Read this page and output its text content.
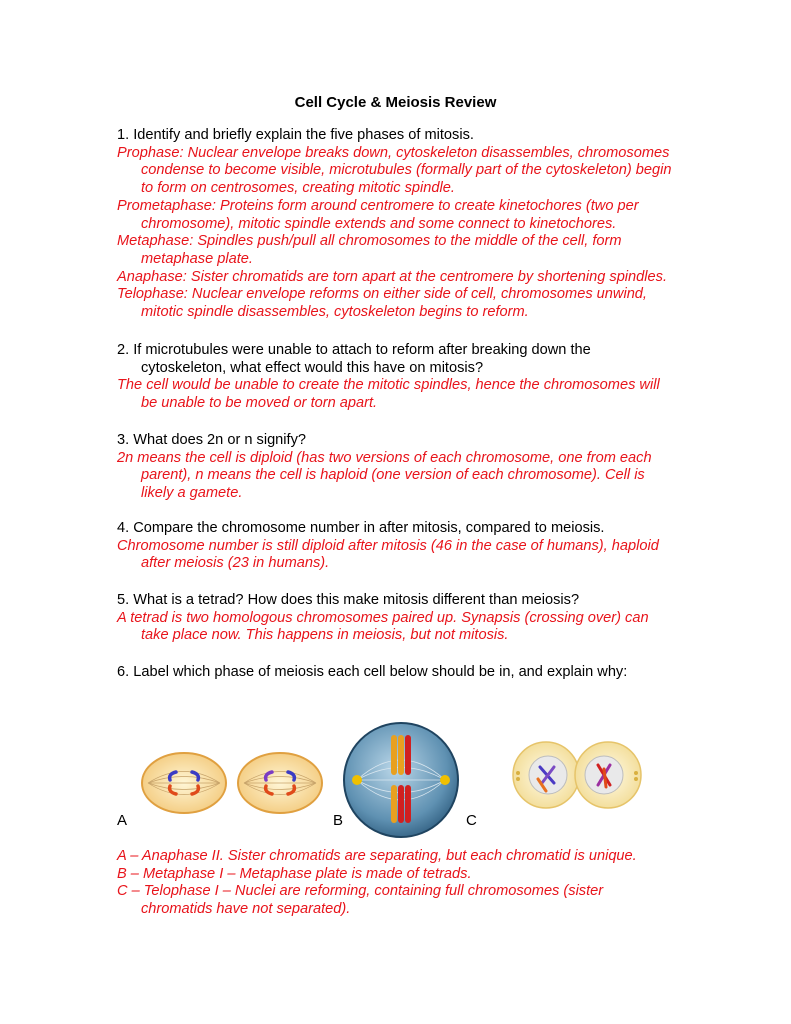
Cell Cycle & Meiosis Review
1. Identify and briefly explain the five phases of mitosis.
Prophase: Nuclear envelope breaks down, cytoskeleton disassembles, chromosomes
condense to become visible, microtubules (formally part of the cytoskeleton) begin
to form on centrosomes, creating mitotic spindle.
Prometaphase: Proteins form around centromere to create kinetochores (two per
chromosome), mitotic spindle extends and some connect to kinetochores.
Metaphase: Spindles push/pull all chromosomes to the middle of the cell, form
metaphase plate.
Anaphase: Sister chromatids are torn apart at the centromere by shortening spindles.
Telophase: Nuclear envelope reforms on either side of cell, chromosomes unwind,
mitotic spindle disassembles, cytoskeleton begins to reform.
2. If microtubules were unable to attach to reform after breaking down the
cytoskeleton, what effect would this have on mitosis?
The cell would be unable to create the mitotic spindles, hence the chromosomes will
be unable to be moved or torn apart.
3. What does 2n or n signify?
2n means the cell is diploid (has two versions of each chromosome, one from each
parent), n means the cell is haploid (one version of each chromosome). Cell is
likely a gamete.
4. Compare the chromosome number in after mitosis, compared to meiosis.
Chromosome number is still diploid after mitosis (46 in the case of humans), haploid
after meiosis (23 in humans).
5. What is a tetrad? How does this make mitosis different than meiosis?
A tetrad is two homologous chromosomes paired up. Synapsis (crossing over) can
take place now. This happens in meiosis, but not mitosis.
6. Label which phase of meiosis each cell below should be in, and explain why:
A	B	C
A – Anaphase II. Sister chromatids are separating, but each chromatid is unique.
B – Metaphase I – Metaphase plate is made of tetrads.
C – Telophase I – Nuclei are reforming, containing full chromosomes (sister
chromatids have not separated).
